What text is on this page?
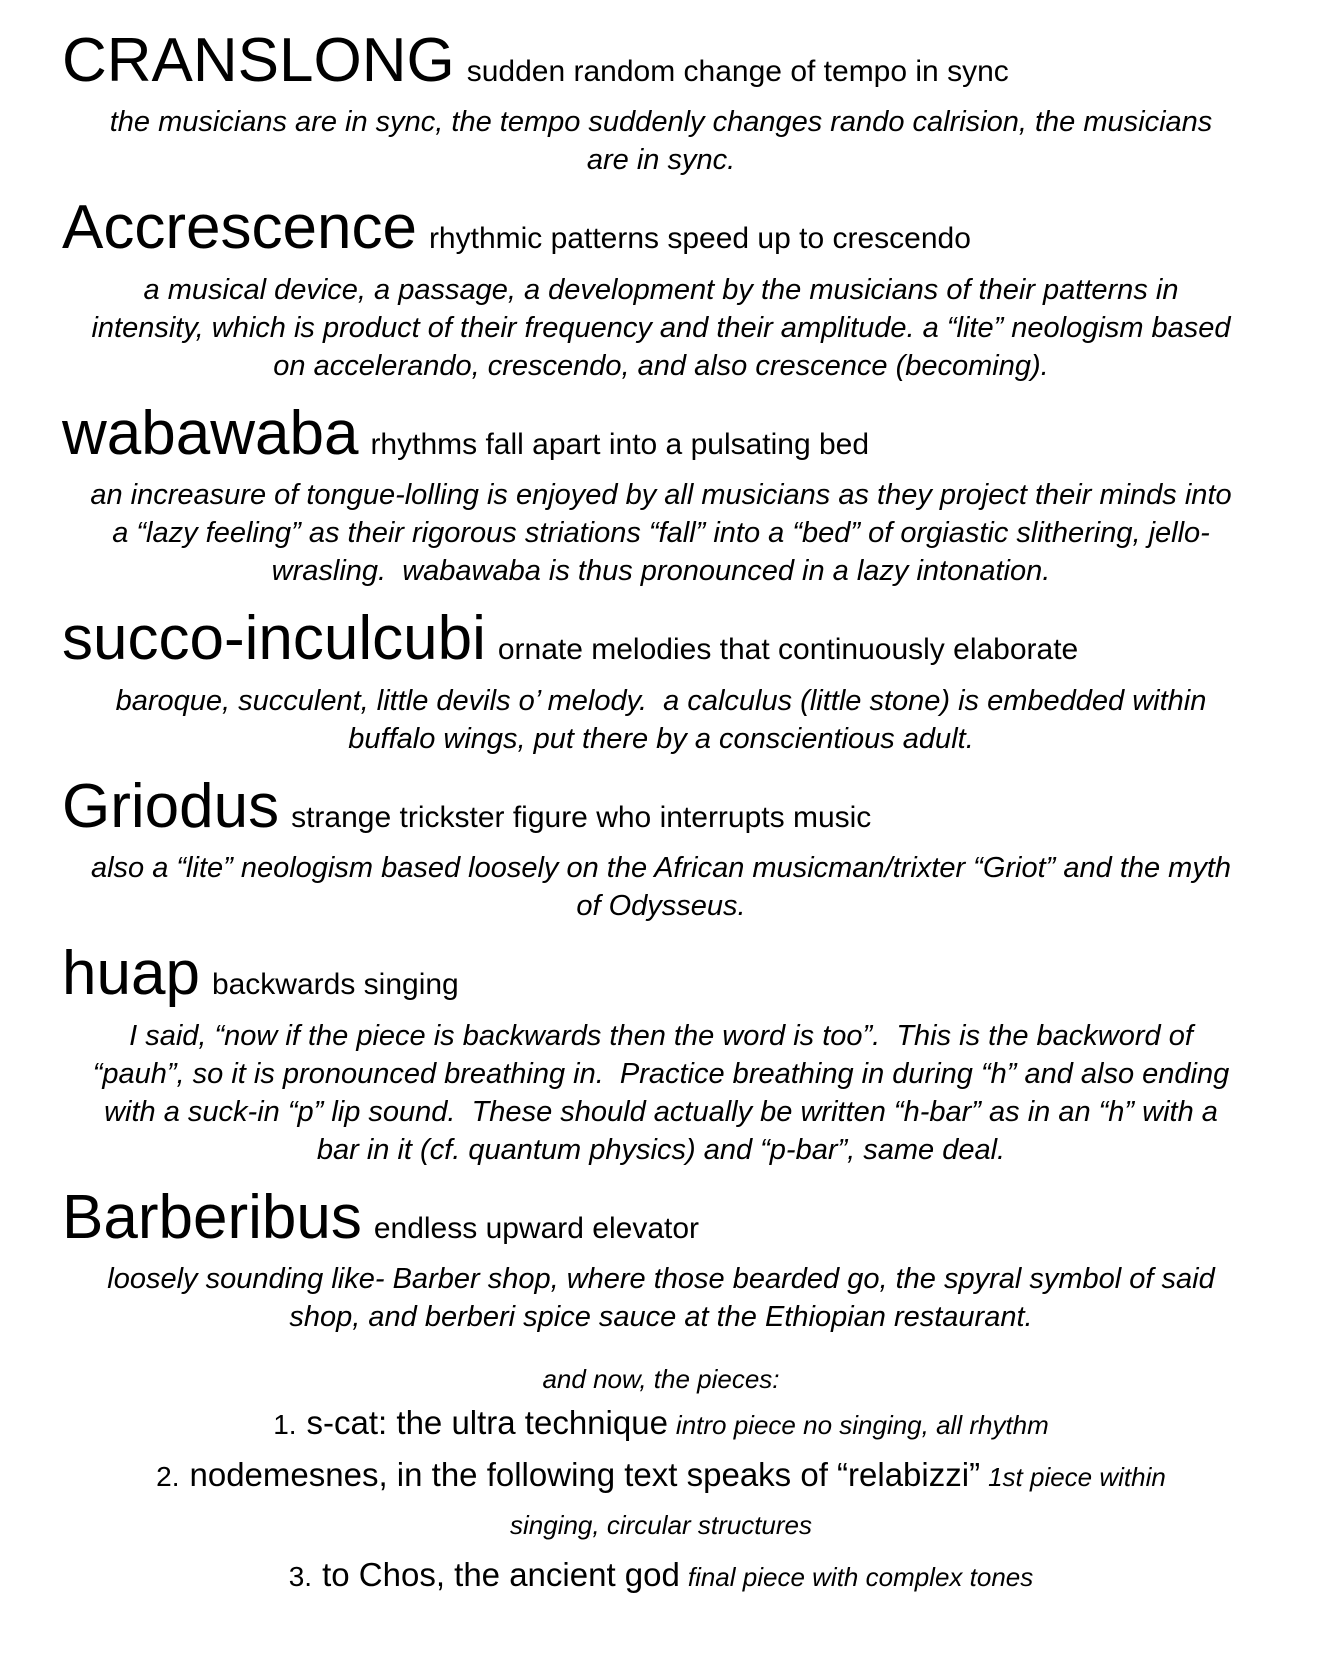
CRANSLONG sudden random change of tempo in sync

the musicians are in sync, the tempo suddenly changes rando calrision, the musicians are in sync.

Accrescence rhythmic patterns speed up to crescendo

a musical device, a passage, a development by the musicians of their patterns in intensity, which is product of their frequency and their amplitude. a “lite” neologism based on accelerando, crescendo, and also crescence (becoming).

wabawaba rhythms fall apart into a pulsating bed

an increasure of tongue-lolling is enjoyed by all musicians as they project their minds into a “lazy feeling” as their rigorous striations “fall” into a “bed” of orgiastic slithering, jello-wrasling.  wabawaba is thus pronounced in a lazy intonation.

succo-inculcubi ornate melodies that continuously elaborate

baroque, succulent, little devils o’ melody.  a calculus (little stone) is embedded within buffalo wings, put there by a conscientious adult.

Griodus strange trickster figure who interrupts music

also a “lite” neologism based loosely on the African musicman/trixter “Griot” and the myth of Odysseus.

huap backwards singing

I said, “now if the piece is backwards then the word is too”.  This is the backword of “pauh”, so it is pronounced breathing in.  Practice breathing in during “h” and also ending with a suck-in “p” lip sound.  These should actually be written “h-bar” as in an “h” with a bar in it (cf. quantum physics) and “p-bar”, same deal.

Barberibus endless upward elevator

loosely sounding like- Barber shop, where those bearded go, the spyral symbol of said shop, and berberi spice sauce at the Ethiopian restaurant.

and now, the pieces:

1. s-cat: the ultra technique intro piece no singing, all rhythm

2. nodemesnes, in the following text speaks of “relabizzi” 1st piece within singing, circular structures

3. to Chos, the ancient god final piece with complex tones
